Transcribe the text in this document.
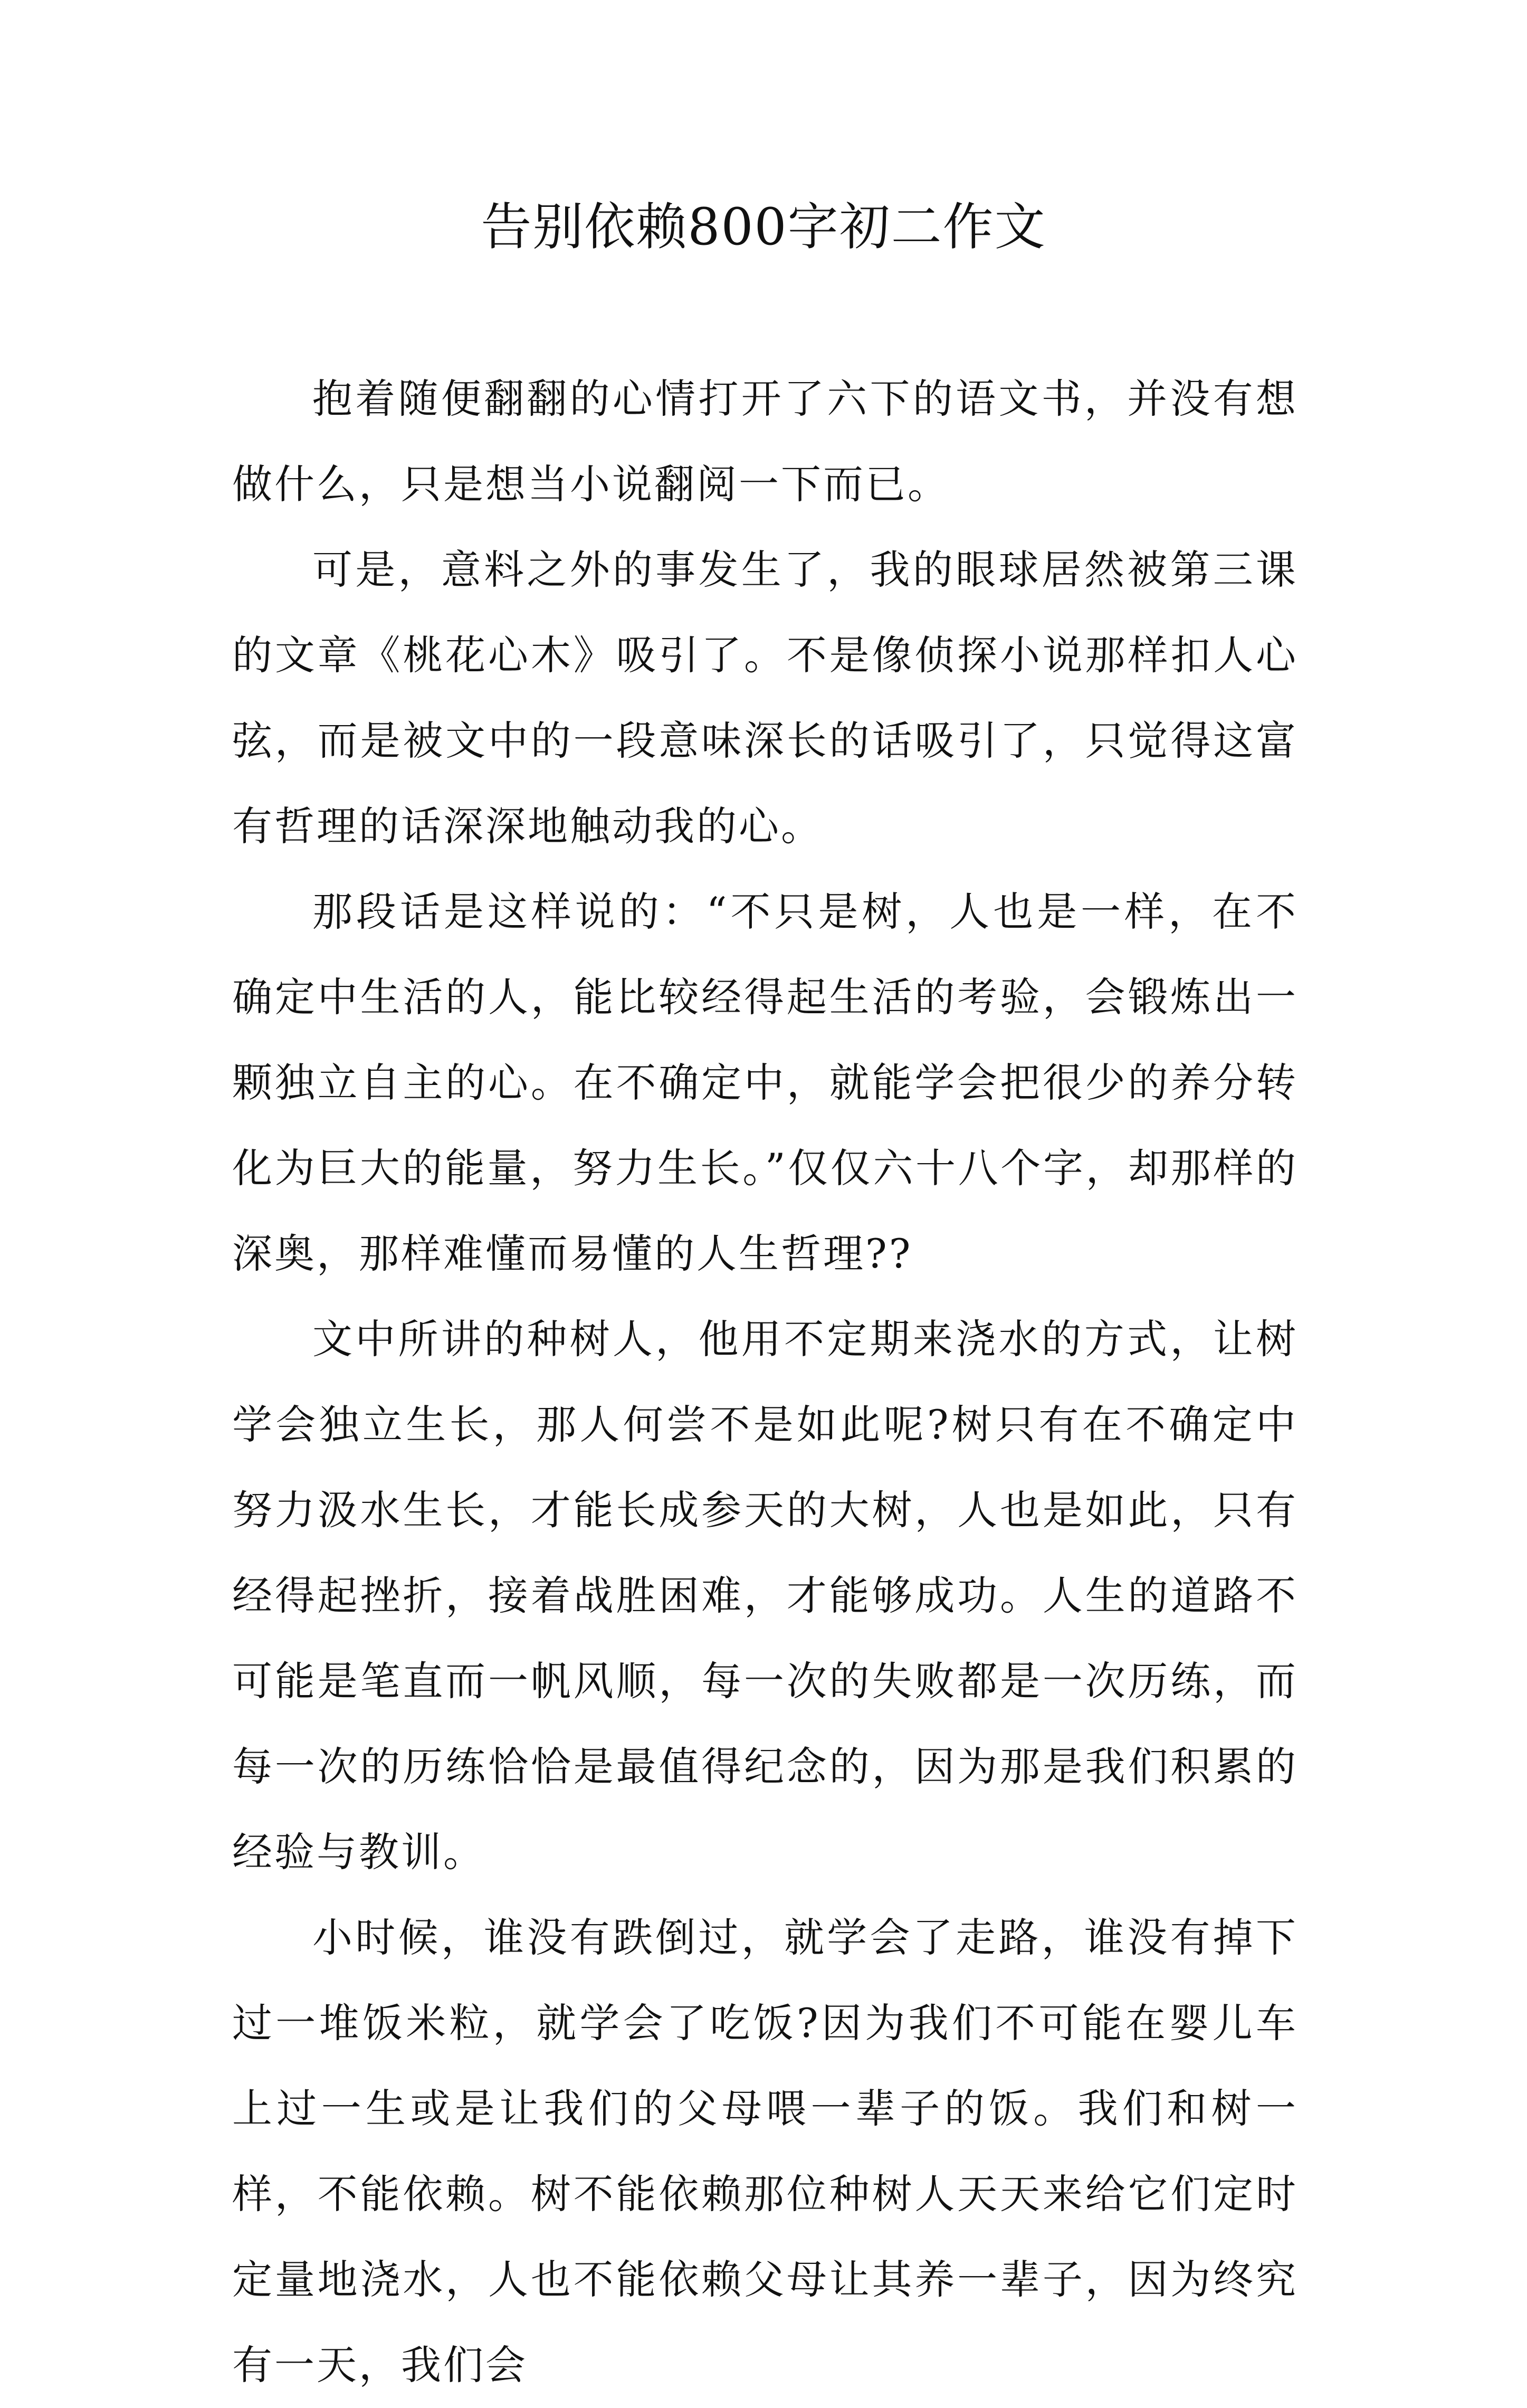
告别依赖800字初二作文

抱着随便翻翻的心情打开了六下的语文书，并没有想做什么，只是想当小说翻阅一下而已。

可是，意料之外的事发生了，我的眼球居然被第三课的文章《桃花心木》吸引了。不是像侦探小说那样扣人心弦，而是被文中的一段意味深长的话吸引了，只觉得这富有哲理的话深深地触动我的心。

那段话是这样说的：“不只是树，人也是一样，在不确定中生活的人，能比较经得起生活的考验，会锻炼出一颗独立自主的心。在不确定中，就能学会把很少的养分转化为巨大的能量，努力生长。”仅仅六十八个字，却那样的深奥，那样难懂而易懂的人生哲理??

文中所讲的种树人，他用不定期来浇水的方式，让树学会独立生长，那人何尝不是如此呢?树只有在不确定中努力汲水生长，才能长成参天的大树，人也是如此，只有经得起挫折，接着战胜困难，才能够成功。人生的道路不可能是笔直而一帆风顺，每一次的失败都是一次历练，而每一次的历练恰恰是最值得纪念的，因为那是我们积累的经验与教训。

小时候，谁没有跌倒过，就学会了走路，谁没有掉下过一堆饭米粒，就学会了吃饭?因为我们不可能在婴儿车上过一生或是让我们的父母喂一辈子的饭。我们和树一样，不能依赖。树不能依赖那位种树人天天来给它们定时定量地浇水，人也不能依赖父母让其养一辈子，因为终究有一天，我们会
